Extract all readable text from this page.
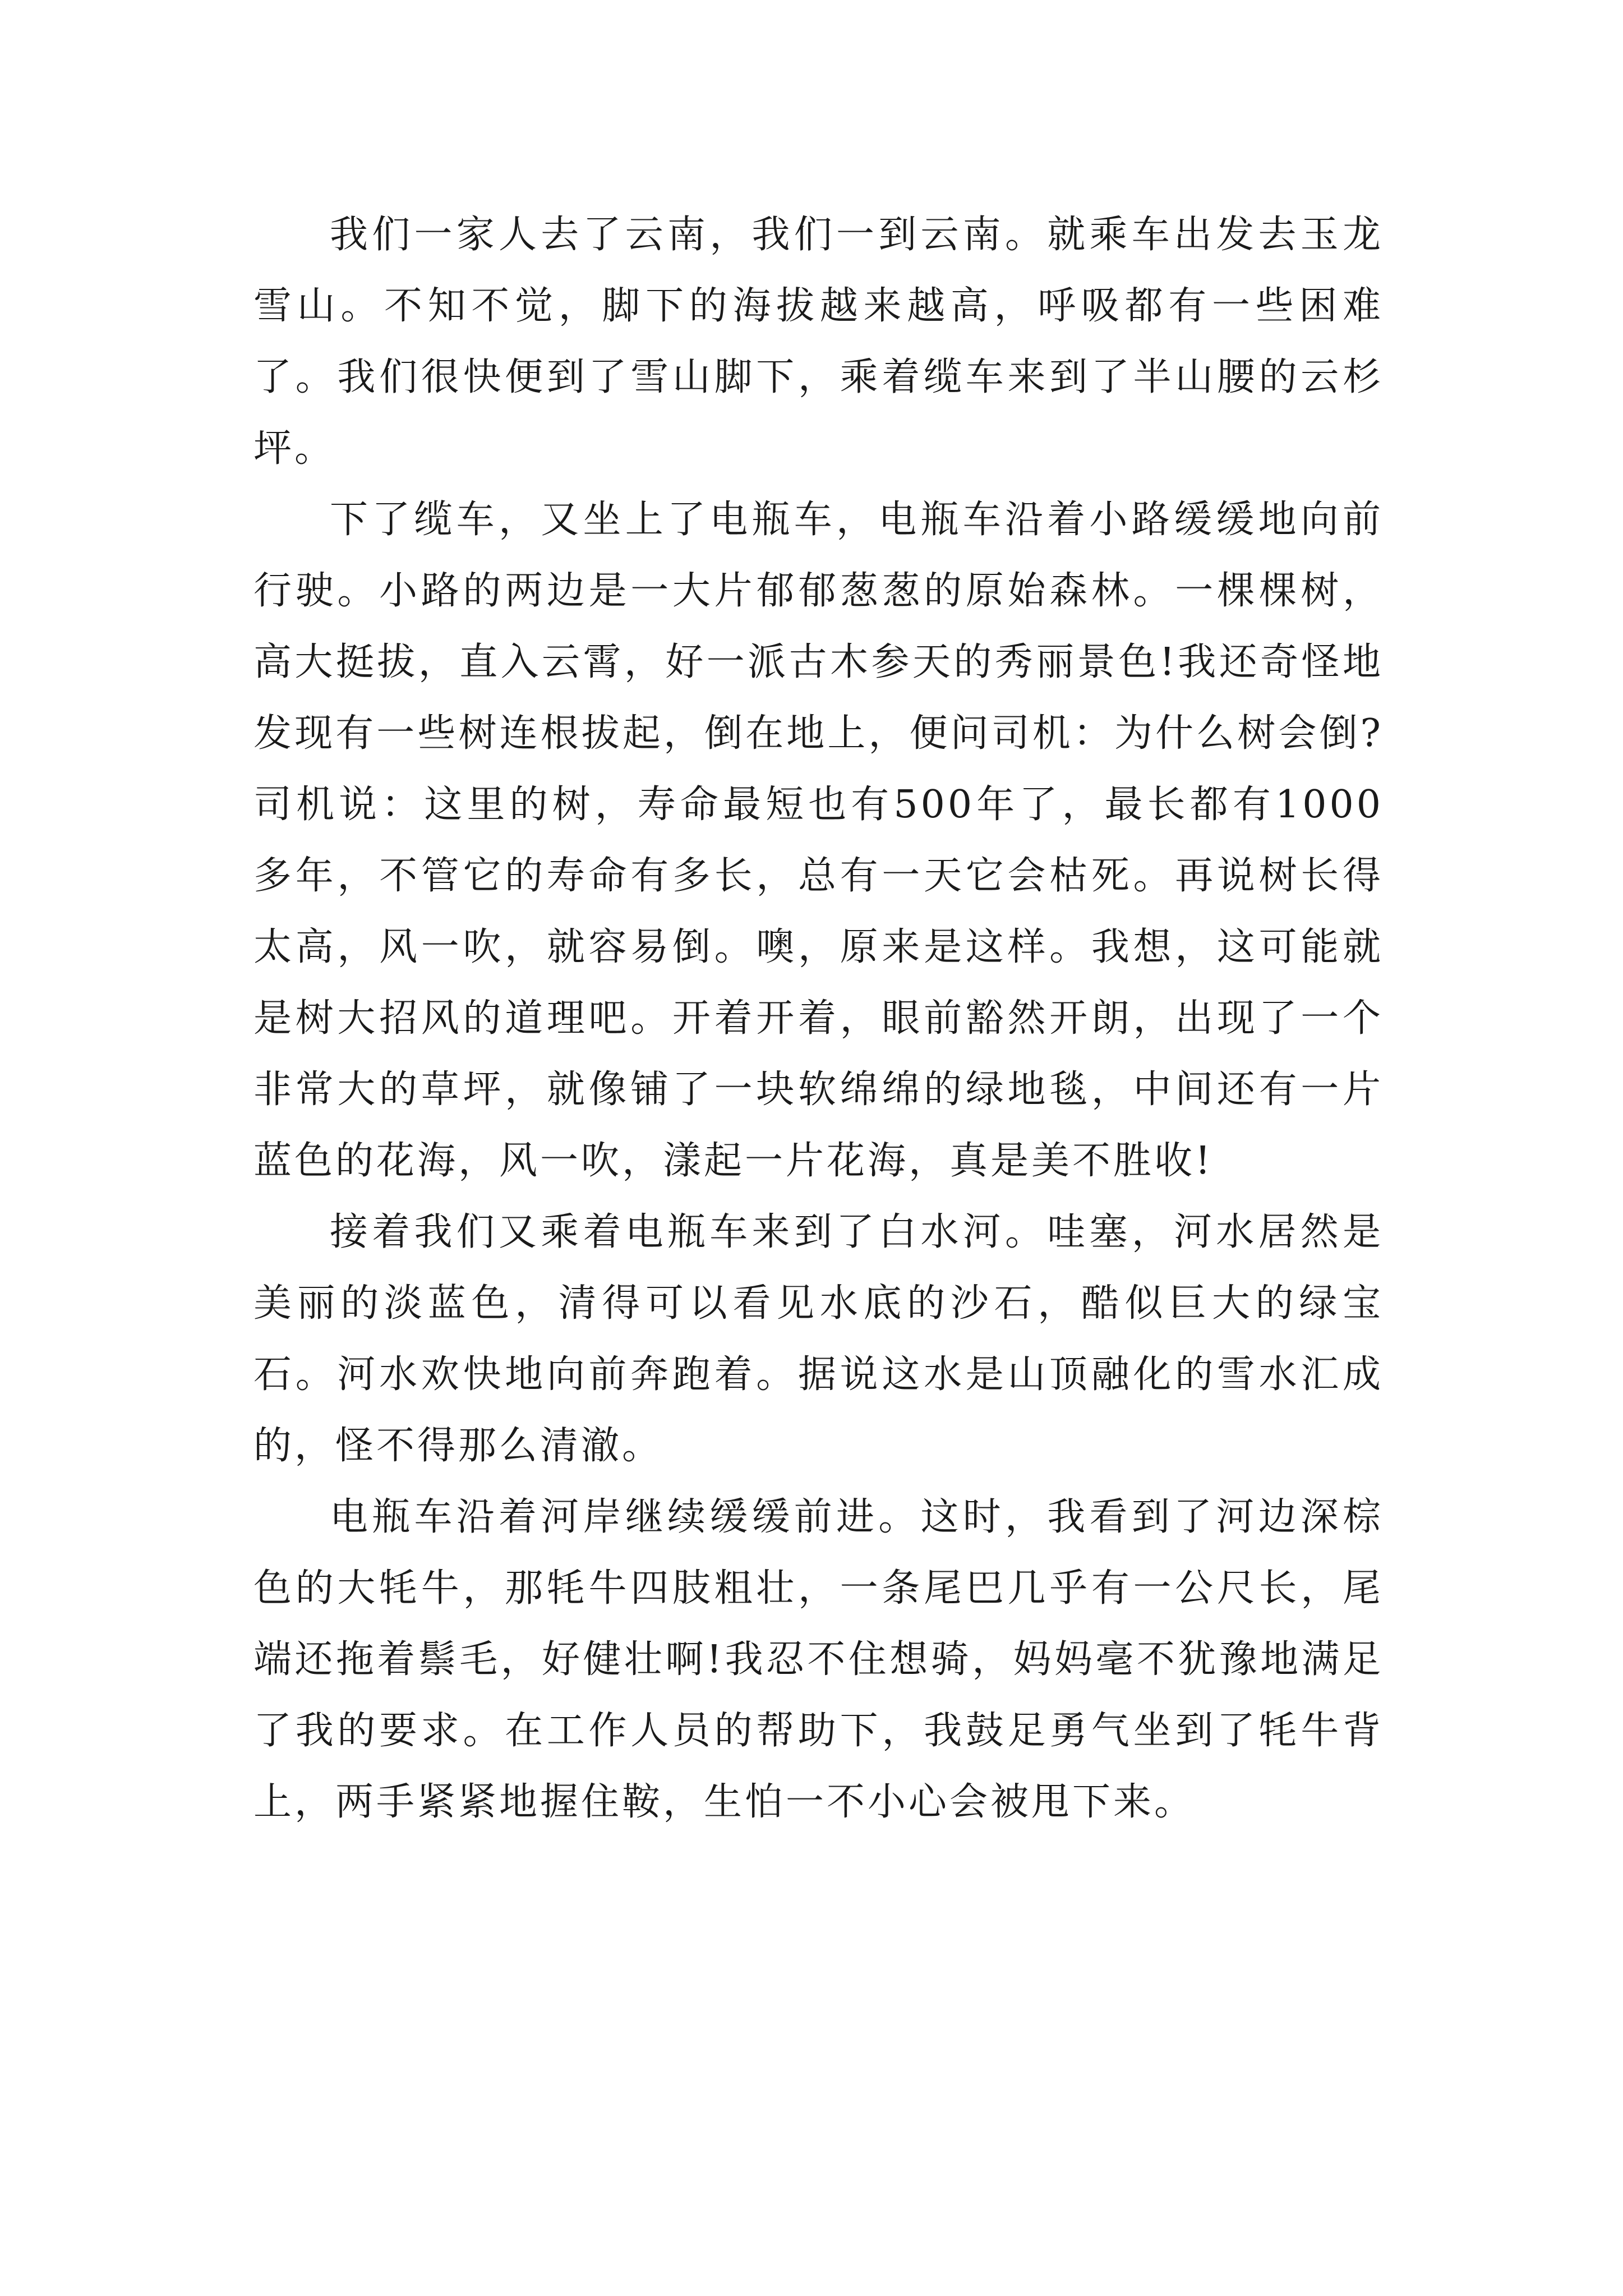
我们一家人去了云南，我们一到云南。就乘车出发去玉龙雪山。不知不觉，脚下的海拔越来越高，呼吸都有一些困难了。我们很快便到了雪山脚下，乘着缆车来到了半山腰的云杉坪。

下了缆车，又坐上了电瓶车，电瓶车沿着小路缓缓地向前行驶。小路的两边是一大片郁郁葱葱的原始森林。一棵棵树，高大挺拔，直入云霄，好一派古木参天的秀丽景色!我还奇怪地发现有一些树连根拔起，倒在地上，便问司机：为什么树会倒?司机说：这里的树，寿命最短也有500年了，最长都有1000多年，不管它的寿命有多长，总有一天它会枯死。再说树长得太高，风一吹，就容易倒。噢，原来是这样。我想，这可能就是树大招风的道理吧。开着开着，眼前豁然开朗，出现了一个非常大的草坪，就像铺了一块软绵绵的绿地毯，中间还有一片蓝色的花海，风一吹，漾起一片花海，真是美不胜收!

接着我们又乘着电瓶车来到了白水河。哇塞，河水居然是美丽的淡蓝色，清得可以看见水底的沙石，酷似巨大的绿宝石。河水欢快地向前奔跑着。据说这水是山顶融化的雪水汇成的，怪不得那么清澈。

电瓶车沿着河岸继续缓缓前进。这时，我看到了河边深棕色的大牦牛，那牦牛四肢粗壮，一条尾巴几乎有一公尺长，尾端还拖着鬃毛，好健壮啊!我忍不住想骑，妈妈毫不犹豫地满足了我的要求。在工作人员的帮助下，我鼓足勇气坐到了牦牛背上，两手紧紧地握住鞍，生怕一不小心会被甩下来。
